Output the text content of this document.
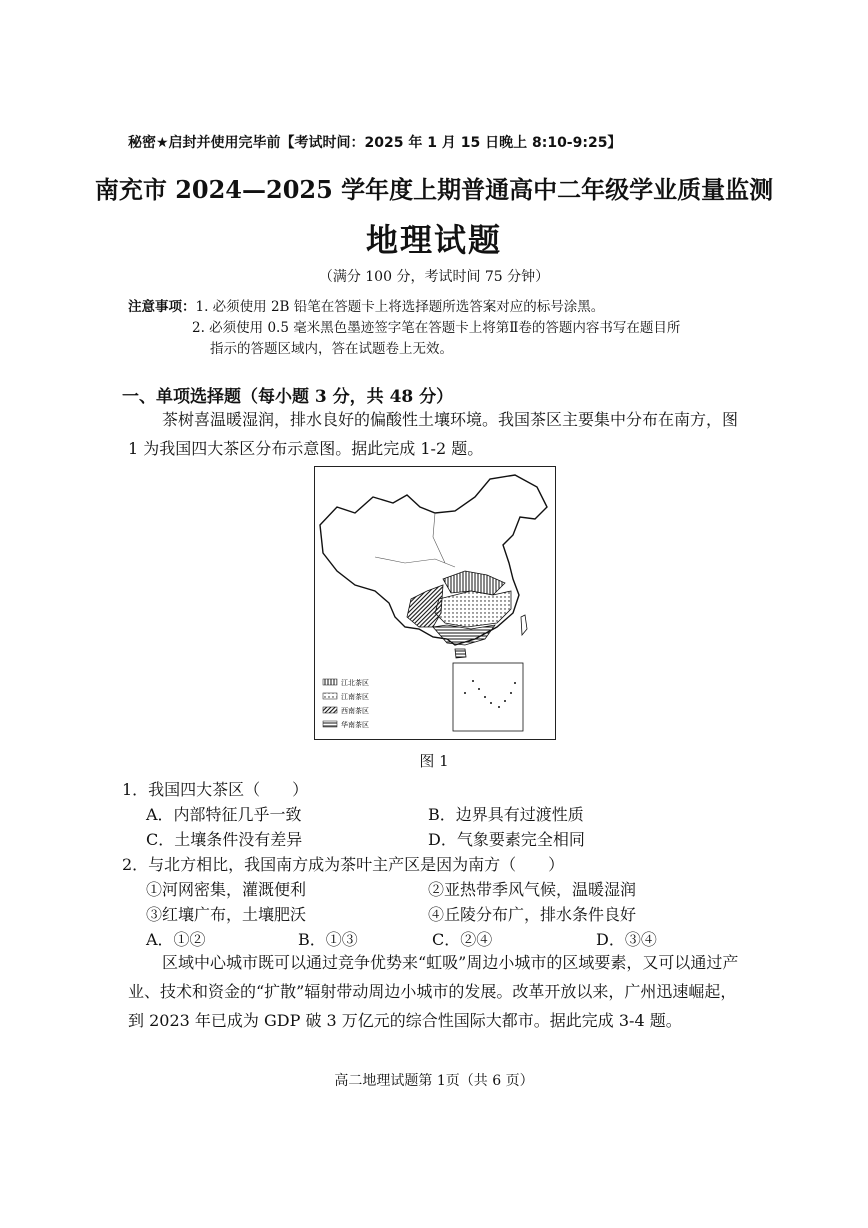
秘密★启封并使用完毕前【考试时间：2025 年 1 月 15 日晚上 8:10-9:25】
南充市 2024—2025 学年度上期普通高中二年级学业质量监测
地理试题
（满分 100 分，考试时间 75 分钟）
注意事项：1. 必须使用 2B 铅笔在答题卡上将选择题所选答案对应的标号涂黑。
2. 必须使用 0.5 毫米黑色墨迹签字笔在答题卡上将第Ⅱ卷的答题内容书写在题目所
指示的答题区域内，答在试题卷上无效。
一、单项选择题（每小题 3 分，共 48 分）
茶树喜温暖湿润，排水良好的偏酸性土壤环境。我国茶区主要集中分布在南方，图 1 为我国四大茶区分布示意图。据此完成 1-2 题。
江北茶区
江南茶区
西南茶区
华南茶区
图 1
1．我国四大茶区（　　）
A．内部特征几乎一致	B．边界具有过渡性质
C．土壤条件没有差异	D．气象要素完全相同
2．与北方相比，我国南方成为茶叶主产区是因为南方（　　）
①河网密集，灌溉便利	②亚热带季风气候，温暖湿润
③红壤广布，土壤肥沃	④丘陵分布广，排水条件良好
A．①②	B．①③	C．②④	D．③④
区域中心城市既可以通过竞争优势来“虹吸”周边小城市的区域要素，又可以通过产业、技术和资金的“扩散”辐射带动周边小城市的发展。改革开放以来，广州迅速崛起，到 2023 年已成为 GDP 破 3 万亿元的综合性国际大都市。据此完成 3-4 题。
高二地理试题第 1页（共 6 页）
